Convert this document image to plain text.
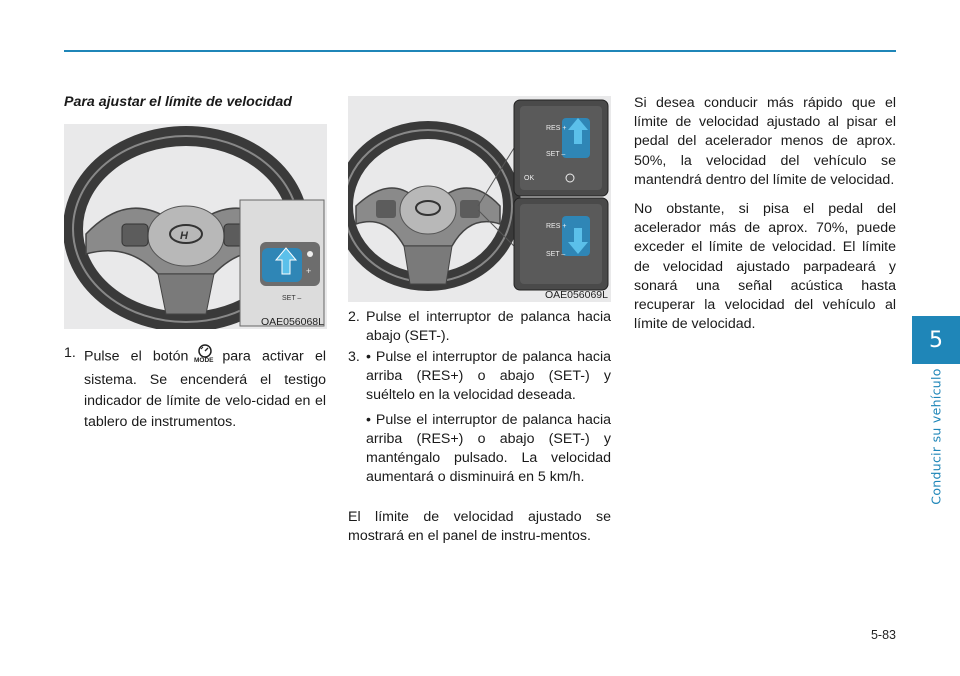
5
Conducir su vehículo
5-83
Para ajustar el límite de velocidad
H
+
SET –
OAE056068L
1. Pulse el botón MODE para activar el sistema. Se encenderá el testigo indicador de límite de velo-cidad en el tablero de instrumentos.
RES +
SET –
OK
RES +
SET –
OAE056069L
2. Pulse el interruptor de palanca hacia abajo (SET-).
3. • Pulse el interruptor de palanca hacia arriba (RES+) o abajo (SET-) y suéltelo en la velocidad deseada.
• Pulse el interruptor de palanca hacia arriba (RES+) o abajo (SET-) y manténgalo pulsado. La velocidad aumentará o disminuirá en 5 km/h.

El límite de velocidad ajustado se mostrará en el panel de instru-mentos.

Si desea conducir más rápido que el límite de velocidad ajustado al pisar el pedal del acelerador menos de aprox. 50%, la velocidad del vehículo se mantendrá dentro del límite de velocidad.

No obstante, si pisa el pedal del acelerador más de aprox. 70%, puede exceder el límite de velocidad. El límite de velocidad ajustado parpadeará y sonará una señal acústica hasta recuperar la velocidad del vehículo al límite de velocidad.
